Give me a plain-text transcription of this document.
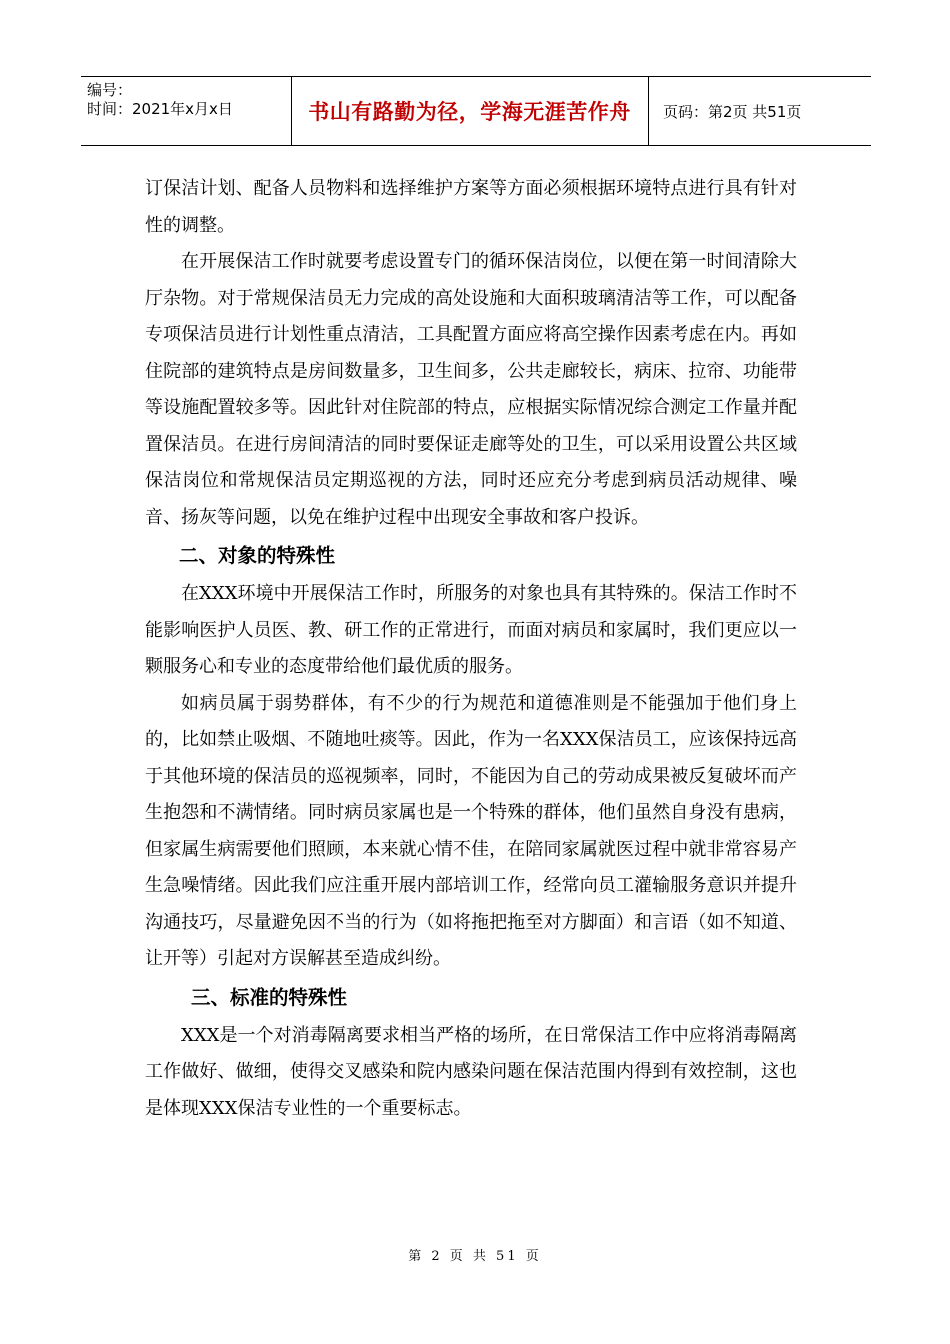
编号：
时间：2021年x月x日	书山有路勤为径，学海无涯苦作舟	页码：第2页 共51页

订保洁计划、配备人员物料和选择维护方案等方面必须根据环境特点进行具有针对性的调整。

在开展保洁工作时就要考虑设置专门的循环保洁岗位，以便在第一时间清除大厅杂物。对于常规保洁员无力完成的高处设施和大面积玻璃清洁等工作，可以配备专项保洁员进行计划性重点清洁，工具配置方面应将高空操作因素考虑在内。再如住院部的建筑特点是房间数量多，卫生间多，公共走廊较长，病床、拉帘、功能带等设施配置较多等。因此针对住院部的特点，应根据实际情况综合测定工作量并配置保洁员。在进行房间清洁的同时要保证走廊等处的卫生，可以采用设置公共区域保洁岗位和常规保洁员定期巡视的方法，同时还应充分考虑到病员活动规律、噪音、扬灰等问题，以免在维护过程中出现安全事故和客户投诉。

二、对象的特殊性

在XXX环境中开展保洁工作时，所服务的对象也具有其特殊的。保洁工作时不能影响医护人员医、教、研工作的正常进行，而面对病员和家属时，我们更应以一颗服务心和专业的态度带给他们最优质的服务。

如病员属于弱势群体，有不少的行为规范和道德准则是不能强加于他们身上的，比如禁止吸烟、不随地吐痰等。因此，作为一名XXX保洁员工，应该保持远高于其他环境的保洁员的巡视频率，同时，不能因为自己的劳动成果被反复破坏而产生抱怨和不满情绪。同时病员家属也是一个特殊的群体，他们虽然自身没有患病，但家属生病需要他们照顾，本来就心情不佳，在陪同家属就医过程中就非常容易产生急噪情绪。因此我们应注重开展内部培训工作，经常向员工灌输服务意识并提升沟通技巧，尽量避免因不当的行为（如将拖把拖至对方脚面）和言语（如不知道、让开等）引起对方误解甚至造成纠纷。

三、标准的特殊性

XXX是一个对消毒隔离要求相当严格的场所，在日常保洁工作中应将消毒隔离工作做好、做细，使得交叉感染和院内感染问题在保洁范围内得到有效控制，这也是体现XXX保洁专业性的一个重要标志。

第 2 页 共 51 页
